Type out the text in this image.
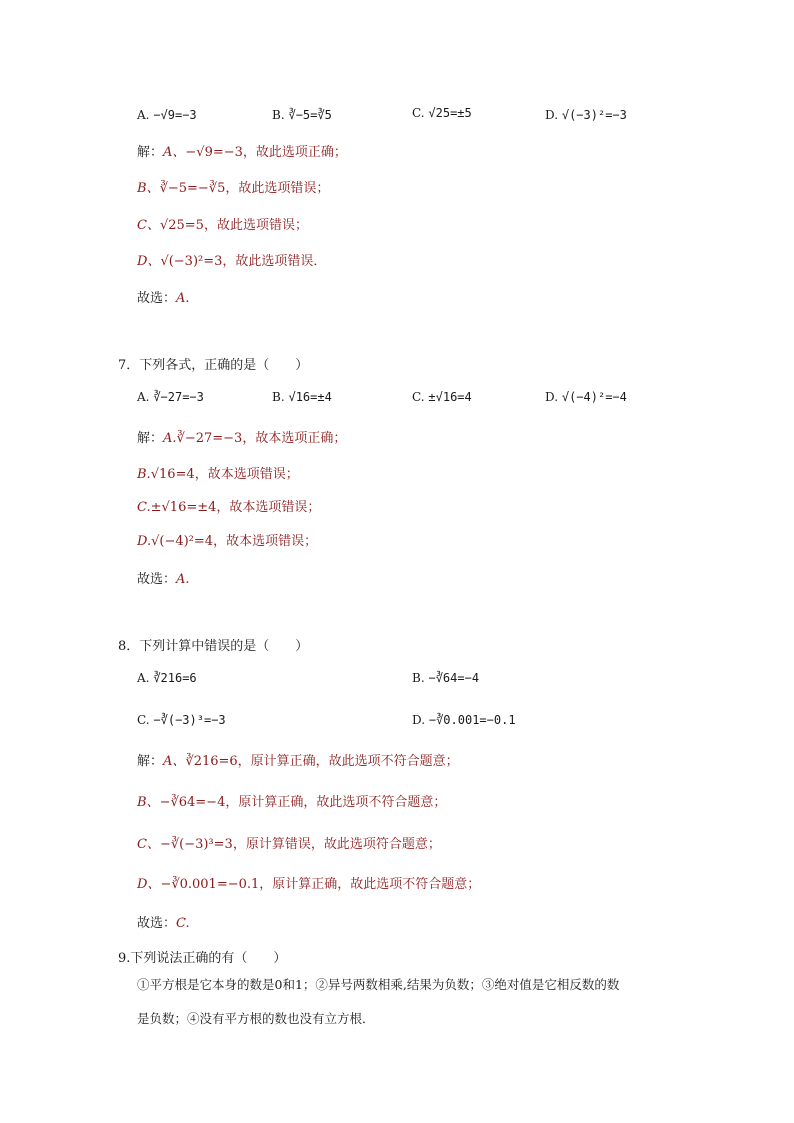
A. −√9=−3	B. ∛−5=∛5	C. √25=±5	D. √(−3)²=−3
解：A、−√9=−3，故此选项正确；
B、∛−5=−∛5，故此选项错误；
C、√25=5，故此选项错误；
D、√(−3)²=3，故此选项错误．
故选：A.
7．下列各式，正确的是（　　）
A. ∛−27=−3	B. √16=±4	C. ±√16=4	D. √(−4)²=−4
解：A.∛−27=−3，故本选项正确；
B.√16=4，故本选项错误；
C.±√16=±4，故本选项错误；
D.√(−4)²=4，故本选项错误；
故选：A.
8．下列计算中错误的是（　　）
A. ∛216=6	B. −∛64=−4
C. −∛(−3)³=−3	D. −∛0.001=−0.1
解：A、∛216=6，原计算正确，故此选项不符合题意；
B、−∛64=−4，原计算正确，故此选项不符合题意；
C、−∛(−3)³=3，原计算错误，故此选项符合题意；
D、−∛0.001=−0.1，原计算正确，故此选项不符合题意；
故选：C.
9.下列说法正确的有（　　）
①平方根是它本身的数是0和1；②异号两数相乘,结果为负数；③绝对值是它相反数的数
是负数；④没有平方根的数也没有立方根．
